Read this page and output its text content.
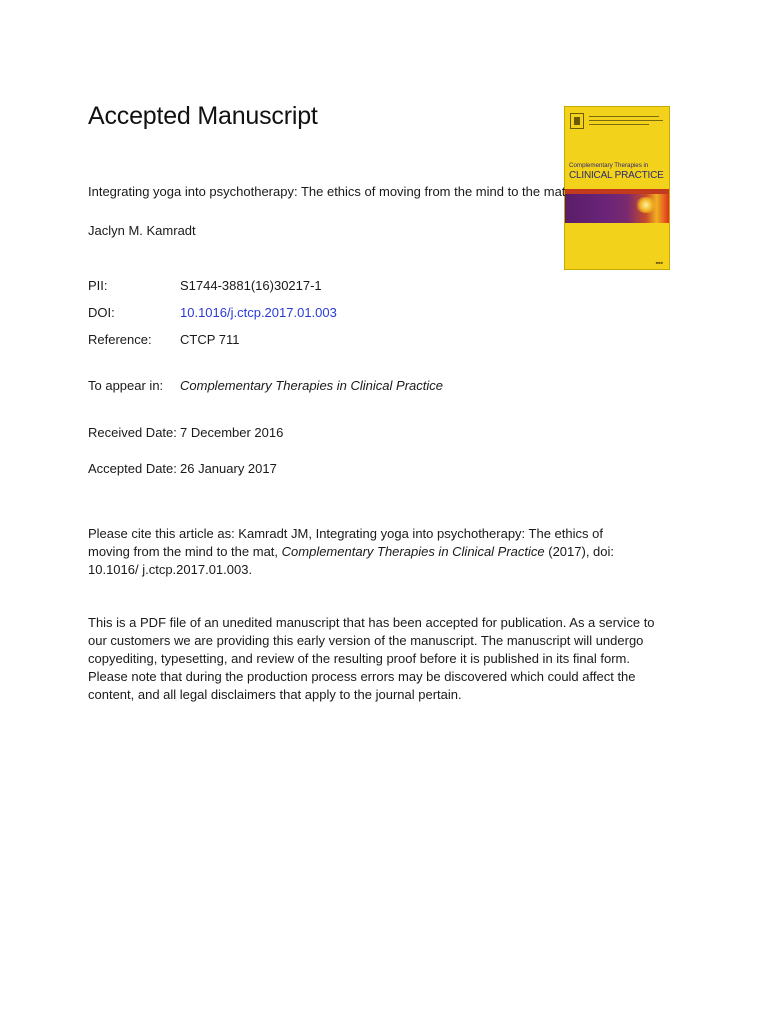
Accepted Manuscript
Complementary Therapies in
CLINICAL PRACTICE
■■■

Integrating yoga into psychotherapy: The ethics of moving from the mind to the mat

Jaclyn M. Kamradt

PII:	S1744-3881(16)30217-1
DOI:	10.1016/j.ctcp.2017.01.003
Reference:	CTCP 711
To appear in:	Complementary Therapies in Clinical Practice
Received Date: 7 December 2016
Accepted Date: 26 January 2017

Please cite this article as: Kamradt JM, Integrating yoga into psychotherapy: The ethics of moving from the mind to the mat, Complementary Therapies in Clinical Practice (2017), doi: 10.1016/ j.ctcp.2017.01.003.

This is a PDF file of an unedited manuscript that has been accepted for publication. As a service to our customers we are providing this early version of the manuscript. The manuscript will undergo copyediting, typesetting, and review of the resulting proof before it is published in its final form. Please note that during the production process errors may be discovered which could affect the content, and all legal disclaimers that apply to the journal pertain.
